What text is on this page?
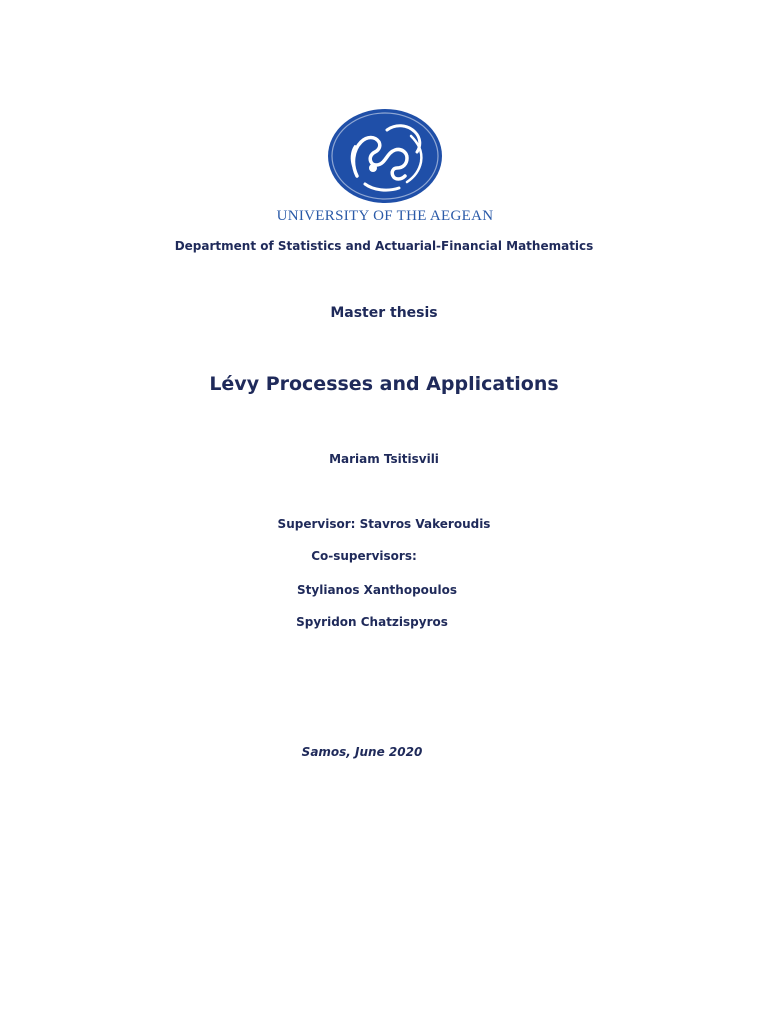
UNIVERSITY OF THE AEGEAN
Department of Statistics and Actuarial-Financial Mathematics
Master thesis
Lévy Processes and Applications
Mariam Tsitisvili
Supervisor: Stavros Vakeroudis
Co-supervisors:
Stylianos Xanthopoulos
Spyridon Chatzispyros
Samos, June 2020
